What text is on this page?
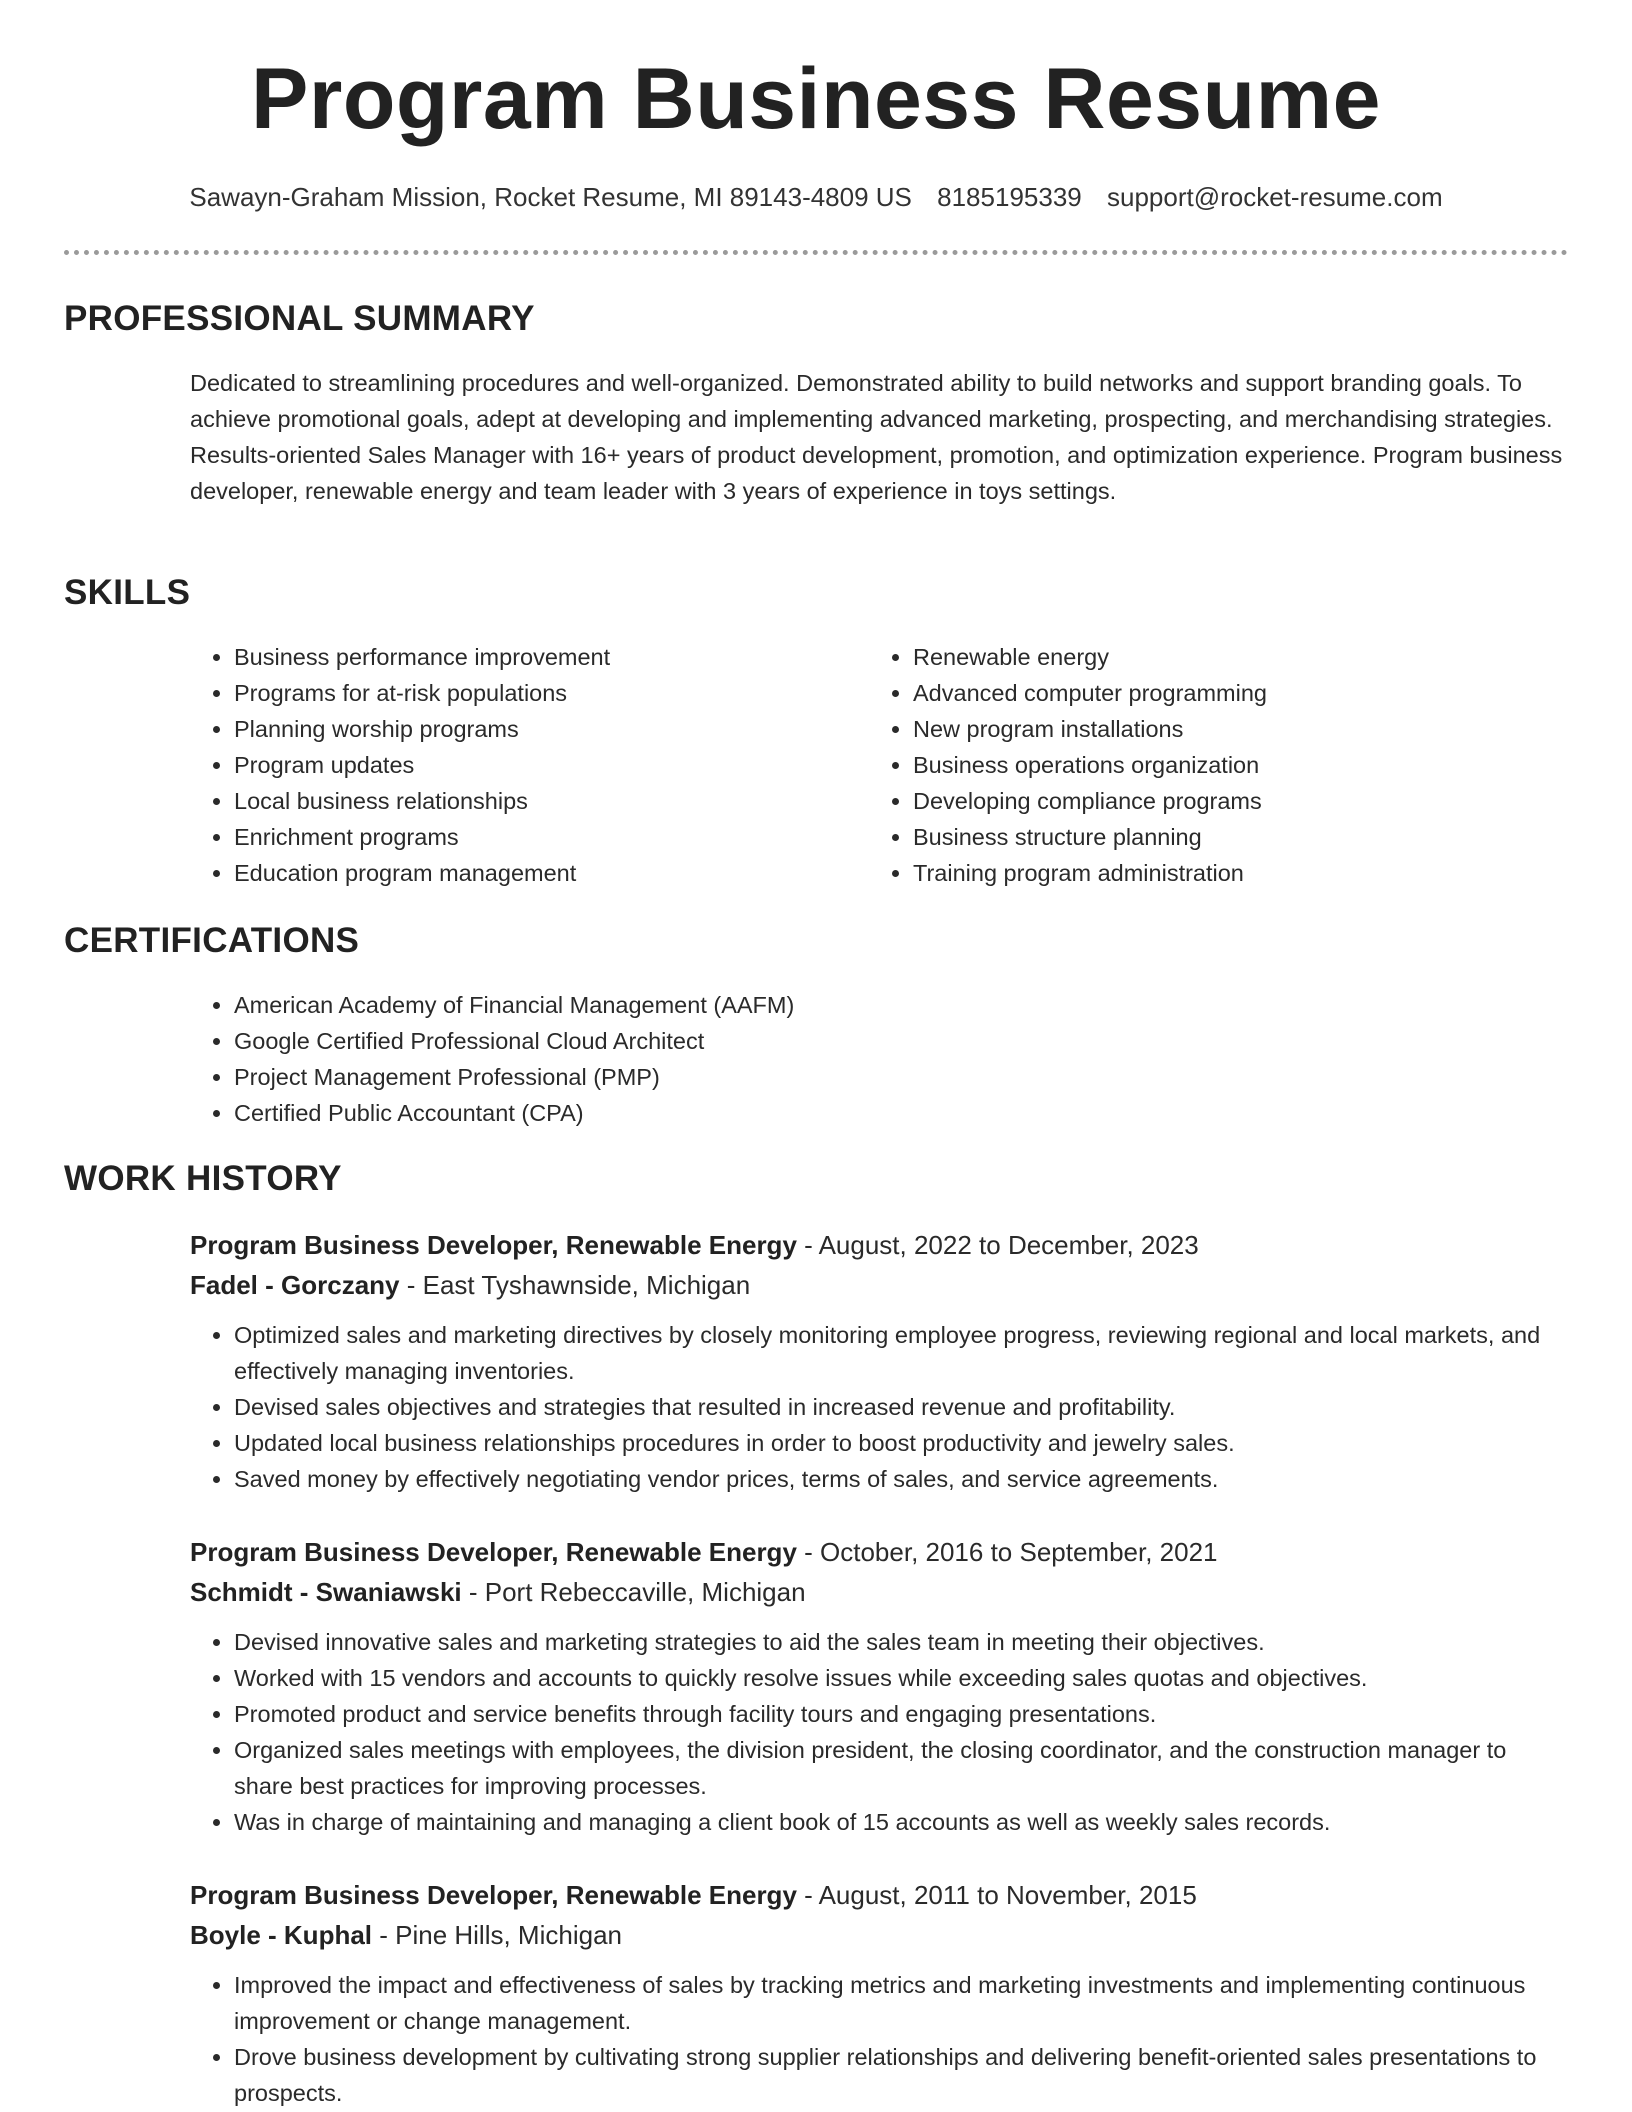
Program Business Resume
Sawayn-Graham Mission, Rocket Resume, MI 89143-4809 US 8185195339 support@rocket-resume.com
PROFESSIONAL SUMMARY

Dedicated to streamlining procedures and well-organized. Demonstrated ability to build networks and support branding goals. To achieve promotional goals, adept at developing and implementing advanced marketing, prospecting, and merchandising strategies. Results-oriented Sales Manager with 16+ years of product development, promotion, and optimization experience. Program business developer, renewable energy and team leader with 3 years of experience in toys settings.

SKILLS
• Business performance improvement
• Programs for at-risk populations
• Planning worship programs
• Program updates
• Local business relationships
• Enrichment programs
• Education program management
• Renewable energy
• Advanced computer programming
• New program installations
• Business operations organization
• Developing compliance programs
• Business structure planning
• Training program administration
CERTIFICATIONS
• American Academy of Financial Management (AAFM)
• Google Certified Professional Cloud Architect
• Project Management Professional (PMP)
• Certified Public Accountant (CPA)
WORK HISTORY
Program Business Developer, Renewable Energy - August, 2022 to December, 2023
Fadel - Gorczany - East Tyshawnside, Michigan
• Optimized sales and marketing directives by closely monitoring employee progress, reviewing regional and local markets, and effectively managing inventories.
• Devised sales objectives and strategies that resulted in increased revenue and profitability.
• Updated local business relationships procedures in order to boost productivity and jewelry sales.
• Saved money by effectively negotiating vendor prices, terms of sales, and service agreements.
Program Business Developer, Renewable Energy - October, 2016 to September, 2021
Schmidt - Swaniawski - Port Rebeccaville, Michigan
• Devised innovative sales and marketing strategies to aid the sales team in meeting their objectives.
• Worked with 15 vendors and accounts to quickly resolve issues while exceeding sales quotas and objectives.
• Promoted product and service benefits through facility tours and engaging presentations.
• Organized sales meetings with employees, the division president, the closing coordinator, and the construction manager to share best practices for improving processes.
• Was in charge of maintaining and managing a client book of 15 accounts as well as weekly sales records.
Program Business Developer, Renewable Energy - August, 2011 to November, 2015
Boyle - Kuphal - Pine Hills, Michigan
• Improved the impact and effectiveness of sales by tracking metrics and marketing investments and implementing continuous improvement or change management.
• Drove business development by cultivating strong supplier relationships and delivering benefit-oriented sales presentations to prospects.
